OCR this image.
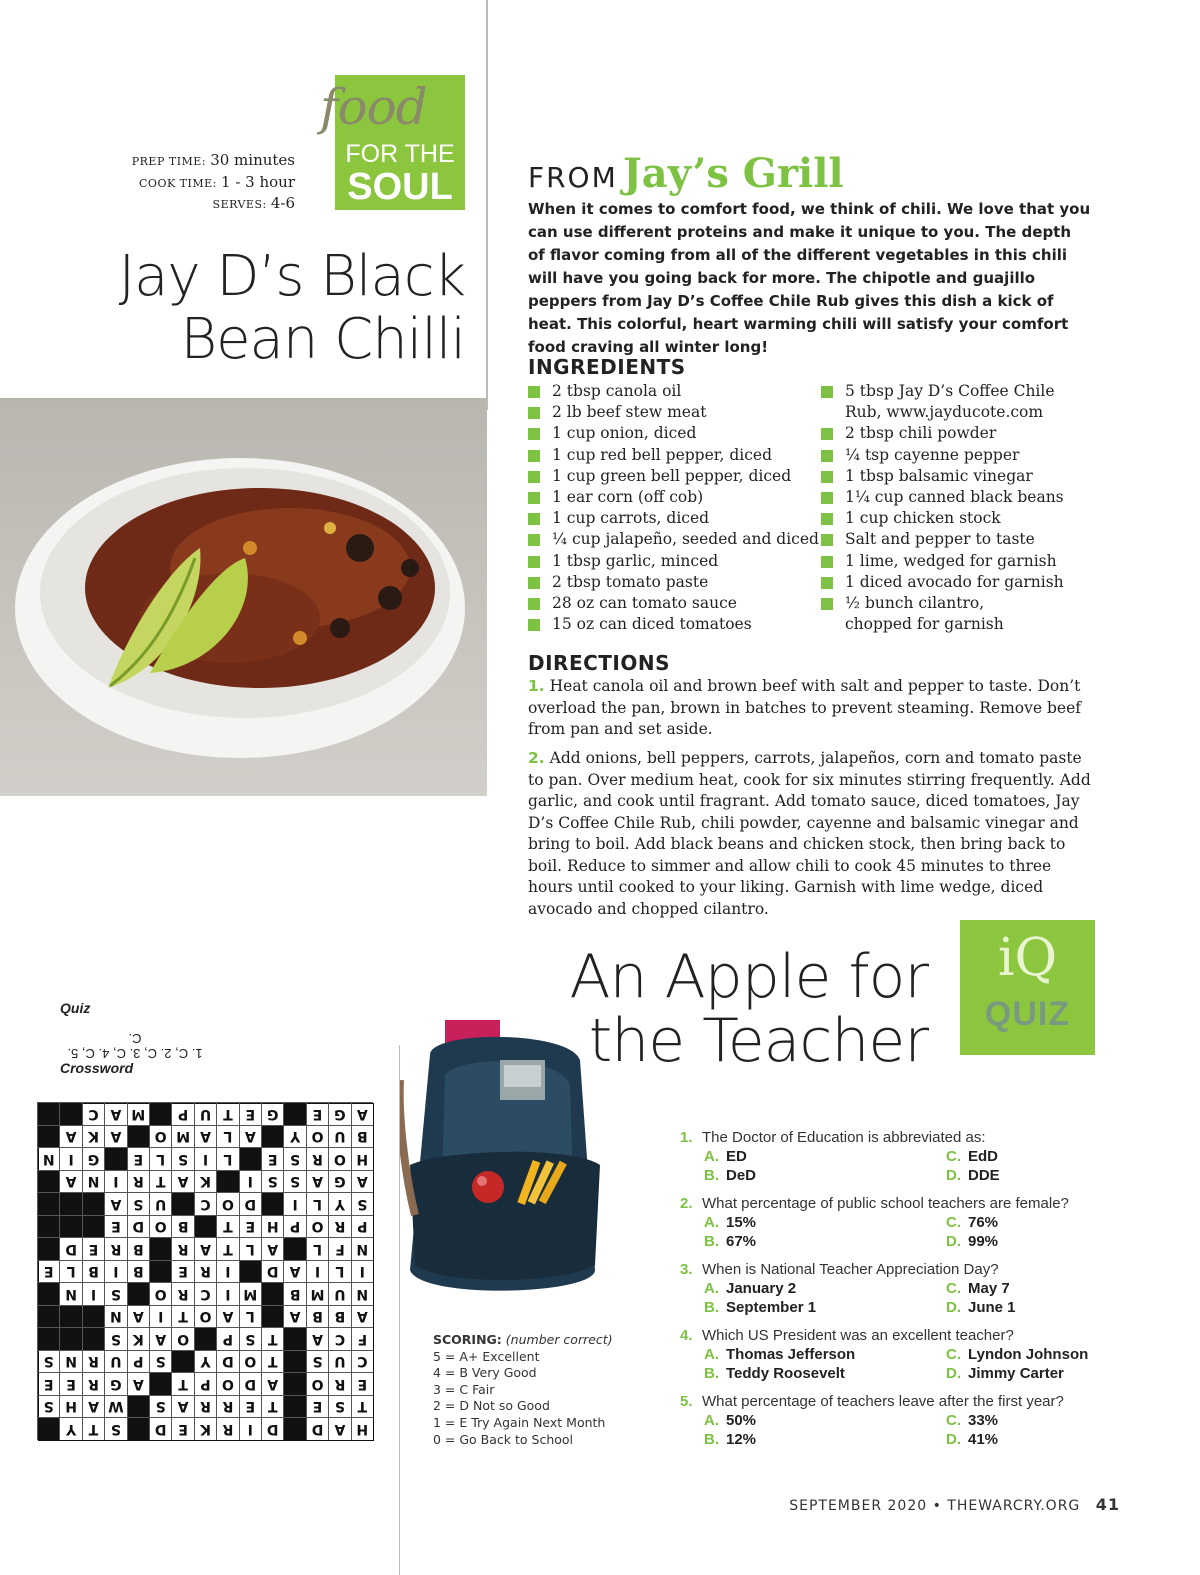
food
FOR THE
SOUL
PREP TIME: 30 minutes
COOK TIME: 1 - 3 hour
SERVES: 4-6
Jay D’s Black
Bean Chilli
FROM Jay’s Grill
When it comes to comfort food, we think of chili. We love that you can use different proteins and make it unique to you. The depth of flavor coming from all of the different vegetables in this chili will have you going back for more. The chipotle and guajillo peppers from Jay D’s Coffee Chile Rub gives this dish a kick of heat. This colorful, heart warming chili will satisfy your comfort food craving all winter long!
INGREDIENTS
2 tbsp canola oil
2 lb beef stew meat
1 cup onion, diced
1 cup red bell pepper, diced
1 cup green bell pepper, diced
1 ear corn (off cob)
1 cup carrots, diced
¼ cup jalapeño, seeded and diced
1 tbsp garlic, minced
2 tbsp tomato paste
28 oz can tomato sauce
15 oz can diced tomatoes
5 tbsp Jay D’s Coffee Chile
Rub, www.jayducote.com
2 tbsp chili powder
¼ tsp cayenne pepper
1 tbsp balsamic vinegar
1¼ cup canned black beans
1 cup chicken stock
Salt and pepper to taste
1 lime, wedged for garnish
1 diced avocado for garnish
½ bunch cilantro,
chopped for garnish
DIRECTIONS
1. Heat canola oil and brown beef with salt and pepper to taste. Don’t overload the pan, brown in batches to prevent steaming. Remove beef from pan and set aside.
2. Add onions, bell peppers, carrots, jalapeños, corn and tomato paste to pan. Over medium heat, cook for six minutes stirring frequently. Add garlic, and cook until fragrant. Add tomato sauce, diced tomatoes, Jay D’s Coffee Chile Rub, chili powder, cayenne and balsamic vinegar and bring to boil. Add black beans and chicken stock, then bring back to boil. Reduce to simmer and allow chili to cook 45 minutes to three hours until cooked to your liking. Garnish with lime wedge, diced avocado and chopped cilantro.
An Apple for
the Teacher
iQ
QUIZ
SCORING: (number correct)
5 = A+ Excellent
4 = B Very Good
3 = C Fair
2 = D Not so Good
1 = E Try Again Next Month
0 = Go Back to School
1. The Doctor of Education is abbreviated as:
A. ED
B. DeD
C. EdD
D. DDE
2. What percentage of public school teachers are female?
A. 15%
B. 67%
C. 76%
D. 99%
3. When is National Teacher Appreciation Day?
A. January 2
B. September 1
C. May 7
D. June 1
4. Which US President was an excellent teacher?
A. Thomas Jefferson
B. Teddy Roosevelt
C. Lyndon Johnson
D. Jimmy Carter
5. What percentage of teachers leave after the first year?
A. 50%
B. 12%
C. 33%
D. 41%
Quiz
1. C, 2. C, 3. C, 4. C, 5. C.
Crossword
H
A
D
D
I
R
K
E
D
S
T
Y
T
S
E
T
E
R
R
A
S
W
A
H
S
E
R
O
A
D
O
P
T
A
G
R
E
E
C
U
S
T
O
D
Y
S
P
U
R
N
S
F
C
A
T
S
P
O
A
K
S
A
B
B
A
L
A
O
T
I
A
N
N
U
M
B
M
I
C
R
O
S
I
N
I
L
I
A
D
I
R
E
B
I
B
L
E
N
F
L
A
L
T
A
R
B
R
E
D
P
R
O
P
H
E
T
B
O
D
E
S
Y
L
I
D
O
C
U
S
A
A
G
A
S
S
I
K
A
T
R
I
N
A
H
O
R
S
E
L
I
S
L
E
G
I
N
B
U
O
Y
A
L
A
M
O
A
K
A
A
G
E
G
E
T
U
P
M
A
C
SEPTEMBER 2020 • THEWARCRY.ORG 41
